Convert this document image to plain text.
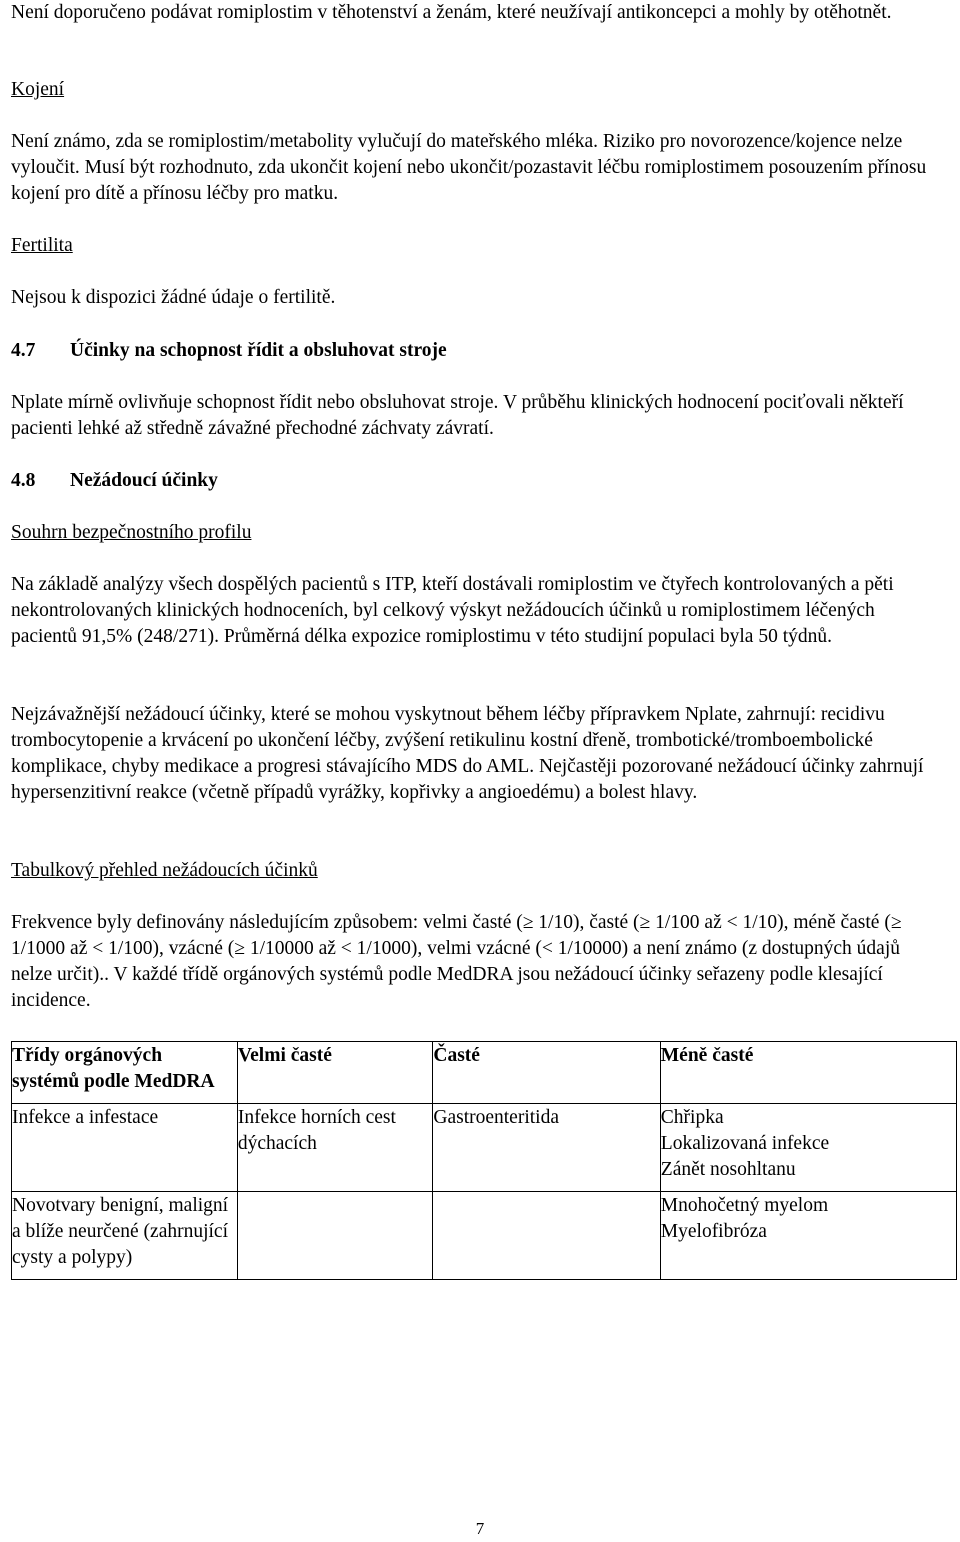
Není doporučeno podávat romiplostim v těhotenství a ženám, které neužívají antikoncepci a mohly by otěhotnět.

Kojení

Není známo, zda se romiplostim/metabolity vylučují do mateřského mléka. Riziko pro novorozence/kojence nelze vyloučit. Musí být rozhodnuto, zda ukončit kojení nebo ukončit/pozastavit léčbu romiplostimem posouzením přínosu kojení pro dítě a přínosu léčby pro matku.

Fertilita

Nejsou k dispozici žádné údaje o fertilitě.

4.7 Účinky na schopnost řídit a obsluhovat stroje

Nplate mírně ovlivňuje schopnost řídit nebo obsluhovat stroje. V průběhu klinických hodnocení pociťovali někteří pacienti lehké až středně závažné přechodné záchvaty závratí.

4.8 Nežádoucí účinky

Souhrn bezpečnostního profilu

Na základě analýzy všech dospělých pacientů s ITP, kteří dostávali romiplostim ve čtyřech kontrolovaných a pěti nekontrolovaných klinických hodnoceních, byl celkový výskyt nežádoucích účinků u romiplostimem léčených pacientů 91,5% (248/271). Průměrná délka expozice romiplostimu v této studijní populaci byla 50 týdnů.

Nejzávažnější nežádoucí účinky, které se mohou vyskytnout během léčby přípravkem Nplate, zahrnují: recidivu trombocytopenie a krvácení po ukončení léčby, zvýšení retikulinu kostní dřeně, trombotické/tromboembolické komplikace, chyby medikace a progresi stávajícího MDS do AML. Nejčastěji pozorované nežádoucí účinky zahrnují hypersenzitivní reakce (včetně případů vyrážky, kopřivky a angioedému) a bolest hlavy.

Tabulkový přehled nežádoucích účinků

Frekvence byly definovány následujícím způsobem: velmi časté (≥ 1/10), časté (≥ 1/100 až < 1/10), méně časté (≥ 1/1000 až < 1/100), vzácné (≥ 1/10000 až < 1/1000), velmi vzácné (< 1/10000) a není známo (z dostupných údajů nelze určit).. V každé třídě orgánových systémů podle MedDRA jsou nežádoucí účinky seřazeny podle klesající incidence.

Třídy orgánových systémů podle MedDRA	Velmi časté	Časté	Méně časté
Infekce a infestace	Infekce horních cest dýchacích	Gastroenteritida	Chřipka
Lokalizovaná infekce
Zánět nosohltanu

Novotvary benigní, maligní a blíže neurčené (zahrnující cysty a polypy)			Mnohočetný myelom
Myelofibróza
7
